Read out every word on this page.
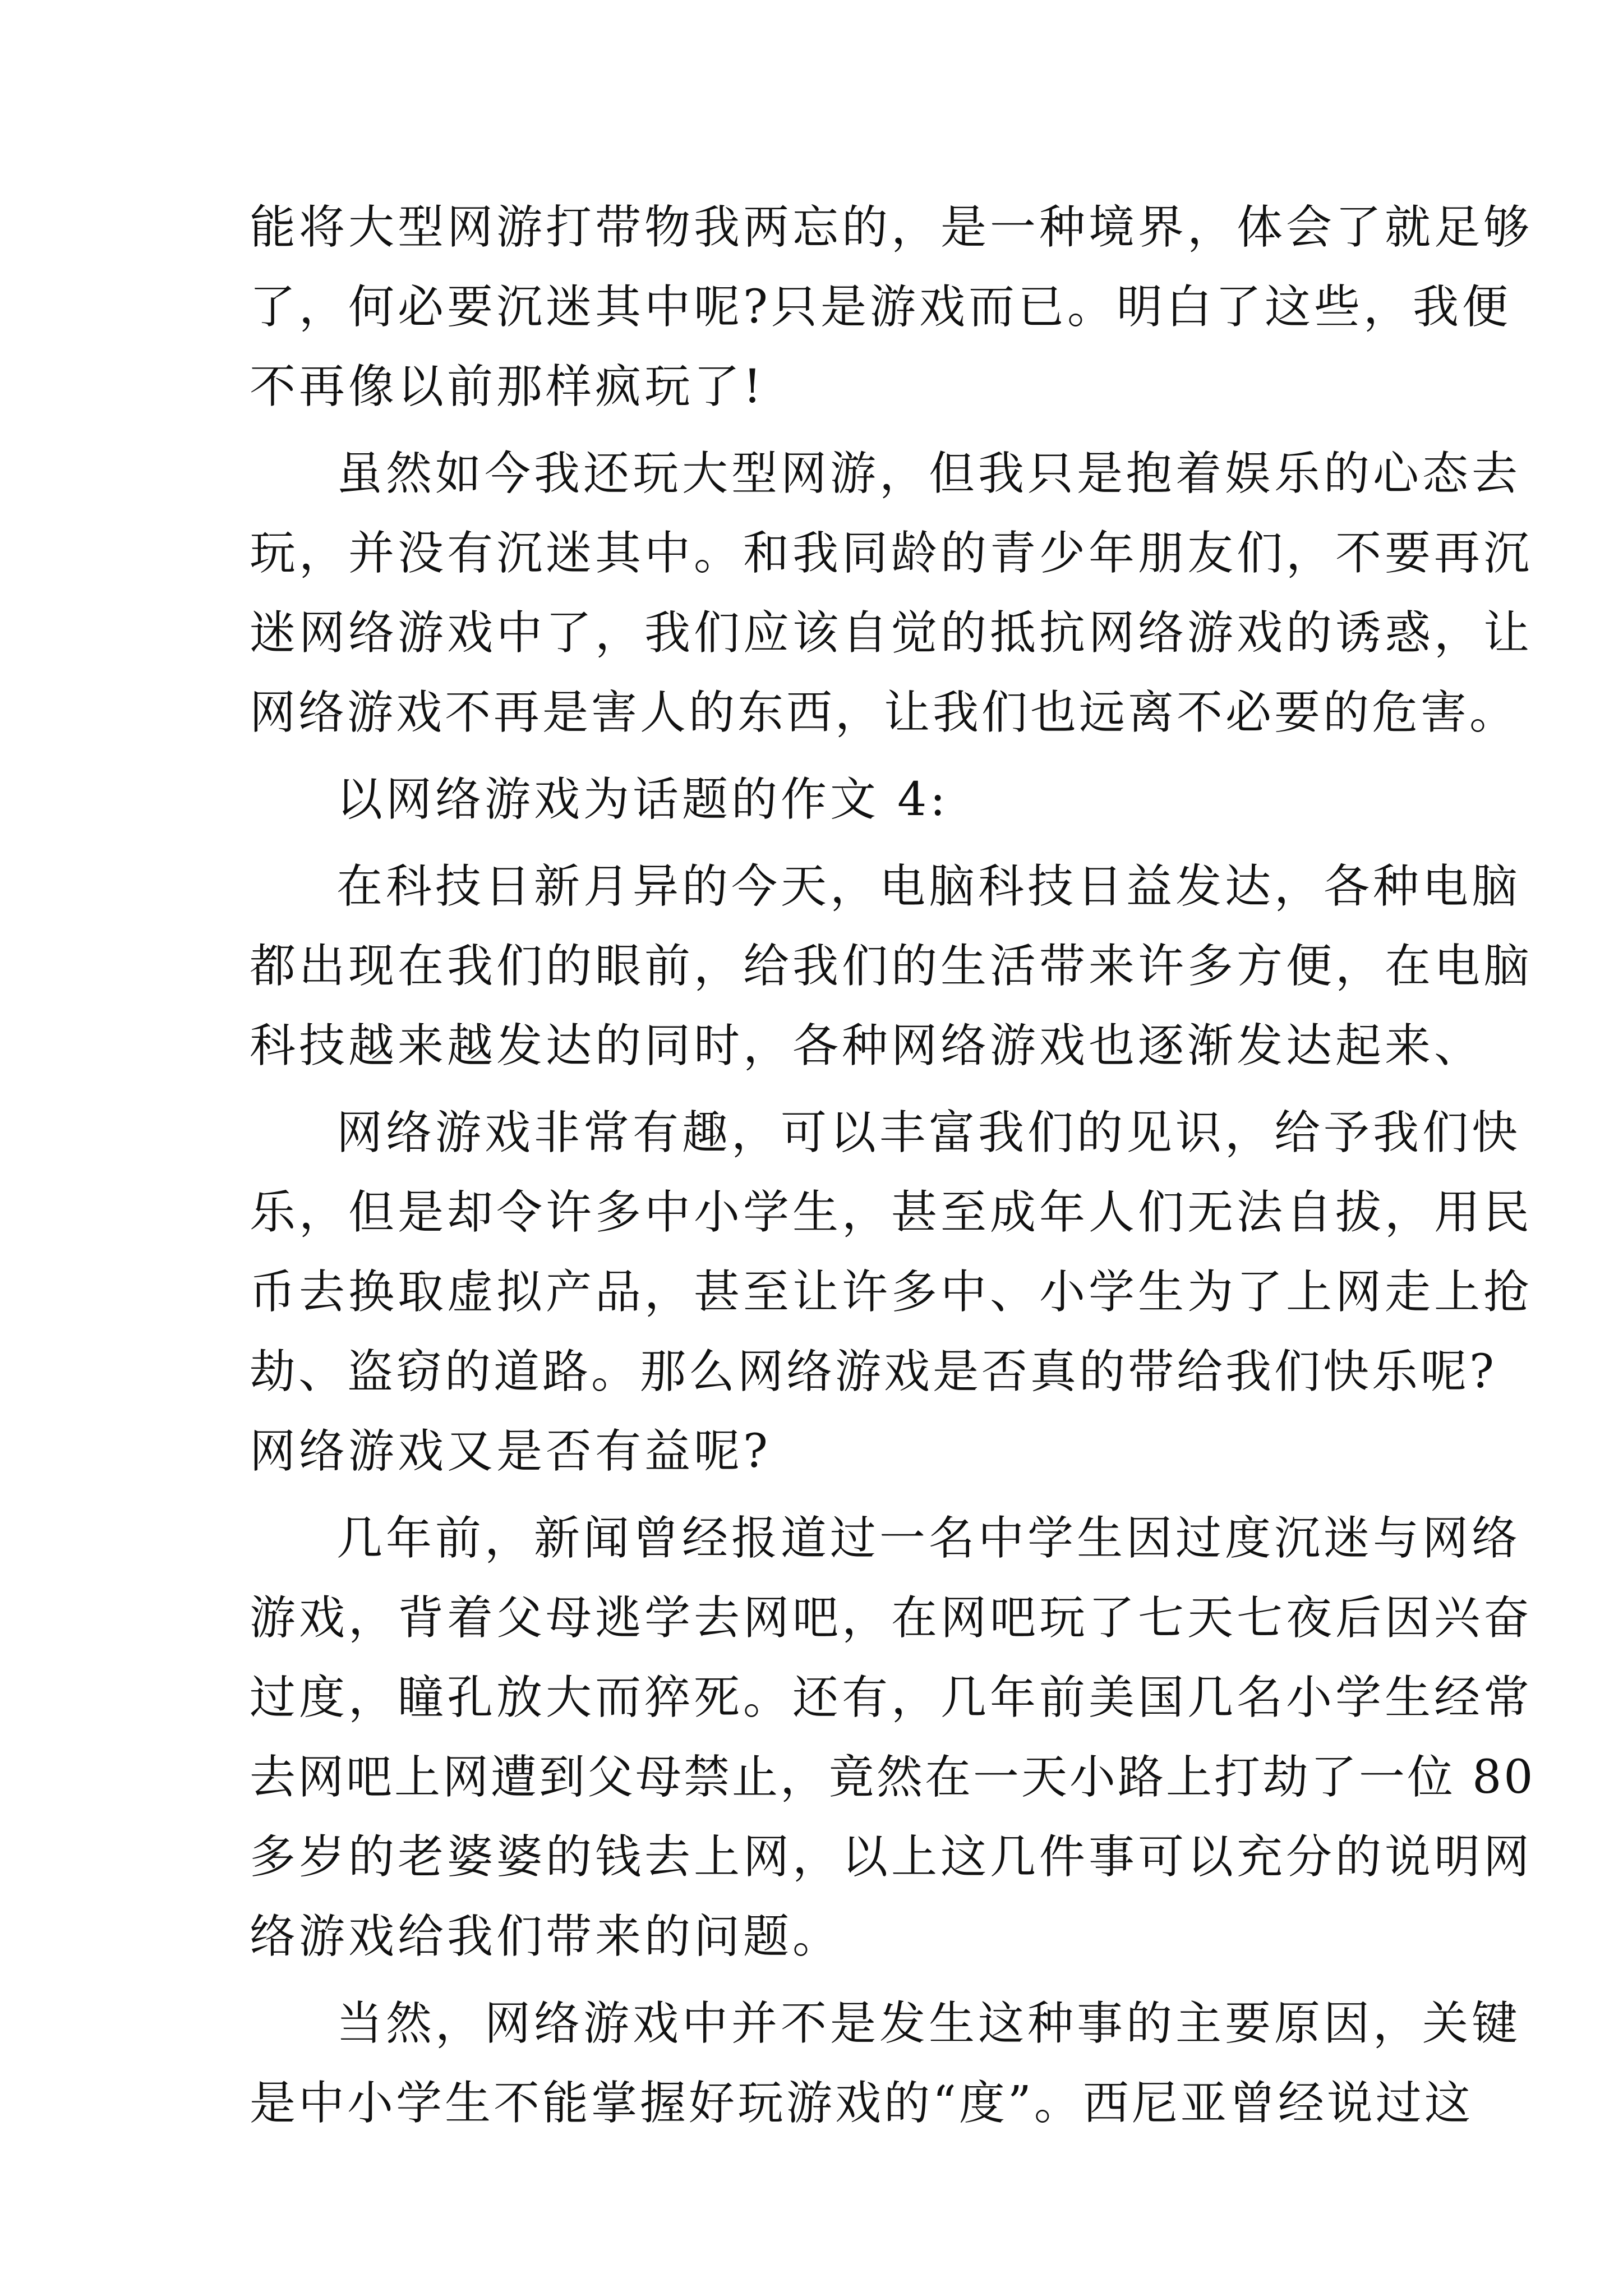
能将大型网游打带物我两忘的，是一种境界，体会了就足够
了，何必要沉迷其中呢?只是游戏而已。明白了这些，我便
不再像以前那样疯玩了!
虽然如今我还玩大型网游，但我只是抱着娱乐的心态去
玩，并没有沉迷其中。和我同龄的青少年朋友们，不要再沉
迷网络游戏中了，我们应该自觉的抵抗网络游戏的诱惑，让
网络游戏不再是害人的东西，让我们也远离不必要的危害。
以网络游戏为话题的作文 4:
在科技日新月异的今天，电脑科技日益发达，各种电脑
都出现在我们的眼前，给我们的生活带来许多方便，在电脑
科技越来越发达的同时，各种网络游戏也逐渐发达起来、
网络游戏非常有趣，可以丰富我们的见识，给予我们快
乐，但是却令许多中小学生，甚至成年人们无法自拔，用民
币去换取虚拟产品，甚至让许多中、小学生为了上网走上抢
劫、盗窃的道路。那么网络游戏是否真的带给我们快乐呢?
网络游戏又是否有益呢?
几年前，新闻曾经报道过一名中学生因过度沉迷与网络
游戏，背着父母逃学去网吧，在网吧玩了七天七夜后因兴奋
过度，瞳孔放大而猝死。还有，几年前美国几名小学生经常
去网吧上网遭到父母禁止，竟然在一天小路上打劫了一位 80
多岁的老婆婆的钱去上网，以上这几件事可以充分的说明网
络游戏给我们带来的问题。
当然，网络游戏中并不是发生这种事的主要原因，关键
是中小学生不能掌握好玩游戏的“度”。西尼亚曾经说过这
